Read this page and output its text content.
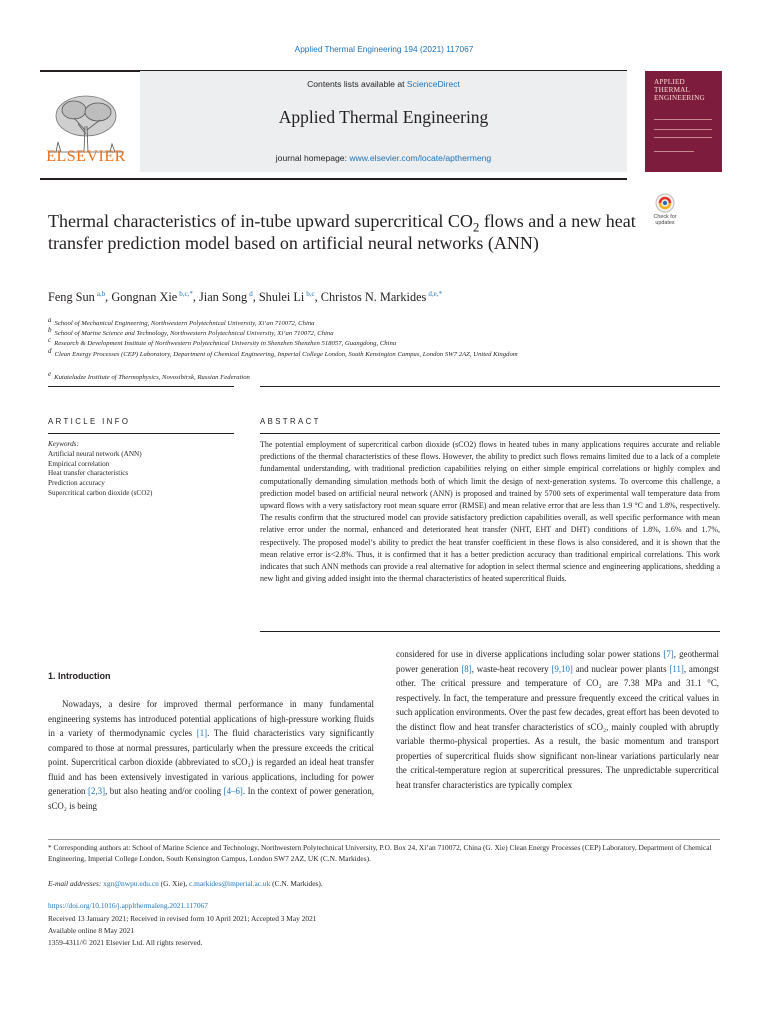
Applied Thermal Engineering 194 (2021) 117067
Contents lists available at ScienceDirect
Applied Thermal Engineering
journal homepage: www.elsevier.com/locate/apthermeng
ELSEVIER
APPLIED
THERMAL
ENGINEERING
Check for
updates
Thermal characteristics of in-tube upward supercritical $CO_2$ flows and a new heat transfer prediction model based on artificial neural networks (ANN)
Feng Sun $^{a,b}$, Gongnan Xie $^{b,c,*}$, Jian Song $^d$, Shulei Li $^{b,c}$, Christos N. Markides $^{d,e,*}$
$^a$ School of Mechanical Engineering, Northwestern Polytechnical University, Xi’an 710072, China
$^b$ School of Marine Science and Technology, Northwestern Polytechnical University, Xi’an 710072, China
$^c$ Research & Development Institute of Northwestern Polytechnical University in Shenzhen Shenzhen 518057, Guangdong, China
$^d$ Clean Energy Processes (CEP) Laboratory, Department of Chemical Engineering, Imperial College London, South Kensington Campus, London SW7 2AZ, United Kingdom
$^e$ Kutateladze Institute of Thermophysics, Novosibirsk, Russian Federation
ARTICLE INFO	ABSTRACT
Keywords:
Artificial neural network (ANN)
Empirical correlation
Heat transfer characteristics
Prediction accuracy
Supercritical carbon dioxide (sCO2)
The potential employment of supercritical carbon dioxide (sCO2) flows in heated tubes in many applications requires accurate and reliable predictions of the thermal characteristics of these flows. However, the ability to predict such flows remains limited due to a lack of a complete fundamental understanding, with traditional prediction capabilities relying on either simple empirical correlations or highly complex and computationally demanding simulation methods both of which limit the design of next-generation systems. To overcome this challenge, a prediction model based on artificial neural network (ANN) is proposed and trained by 5700 sets of experimental wall temperature data from upward flows with a very satisfactory root mean square error (RMSE) and mean relative error that are less than 1.9 °C and 1.8%, respectively. The results confirm that the structured model can provide satisfactory prediction capabilities overall, as well specific performance with mean relative error under the normal, enhanced and deteriorated heat transfer (NHT, EHT and DHT) conditions of 1.8%, 1.6% and 1.7%, respectively. The proposed model’s ability to predict the heat transfer coefficient in these flows is also considered, and it is shown that the mean relative error is<2.8%. Thus, it is confirmed that it has a better prediction accuracy than traditional empirical correlations. This work indicates that such ANN methods can provide a real alternative for adoption in select thermal science and engineering applications, shedding a new light and giving added insight into the thermal characteristics of heated supercritical fluids.
1. Introduction
Nowadays, a desire for improved thermal performance in many fundamental engineering systems has introduced potential applications of high-pressure working fluids in a variety of thermodynamic cycles [1]. The fluid characteristics vary significantly compared to those at normal pressures, particularly when the pressure exceeds the critical point. Supercritical carbon dioxide (abbreviated to sCO₂) is regarded an ideal heat transfer fluid and has been extensively investigated in various applications, including for power generation [2,3], but also heating and/or cooling [4–6]. In the context of power generation, sCO₂ is being
considered for use in diverse applications including solar power stations [7], geothermal power generation [8], waste-heat recovery [9,10] and nuclear power plants [11], amongst other. The critical pressure and temperature of CO₂ are 7.38 MPa and 31.1 °C, respectively. In fact, the temperature and pressure frequently exceed the critical values in such application environments. Over the past few decades, great effort has been devoted to the distinct flow and heat transfer characteristics of sCO₂, mainly coupled with abruptly variable thermo-physical properties. As a result, the basic momentum and transport properties of supercritical fluids show significant non-linear variations particularly near the critical-temperature region at supercritical pressures. The unpredictable supercritical heat transfer characteristics are typically complex
* Corresponding authors at: School of Marine Science and Technology, Northwestern Polytechnical University, P.O. Box 24, Xi’an 710072, China (G. Xie) Clean Energy Processes (CEP) Laboratory, Department of Chemical Engineering, Imperial College London, South Kensington Campus, London SW7 2AZ, UK (C.N. Markides).
E-mail addresses: xgn@nwpu.edu.cn (G. Xie), c.markides@imperial.ac.uk (C.N. Markides).
https://doi.org/10.1016/j.applthermaleng.2021.117067
Received 13 January 2021; Received in revised form 10 April 2021; Accepted 3 May 2021
Available online 8 May 2021
1359-4311/© 2021 Elsevier Ltd. All rights reserved.
